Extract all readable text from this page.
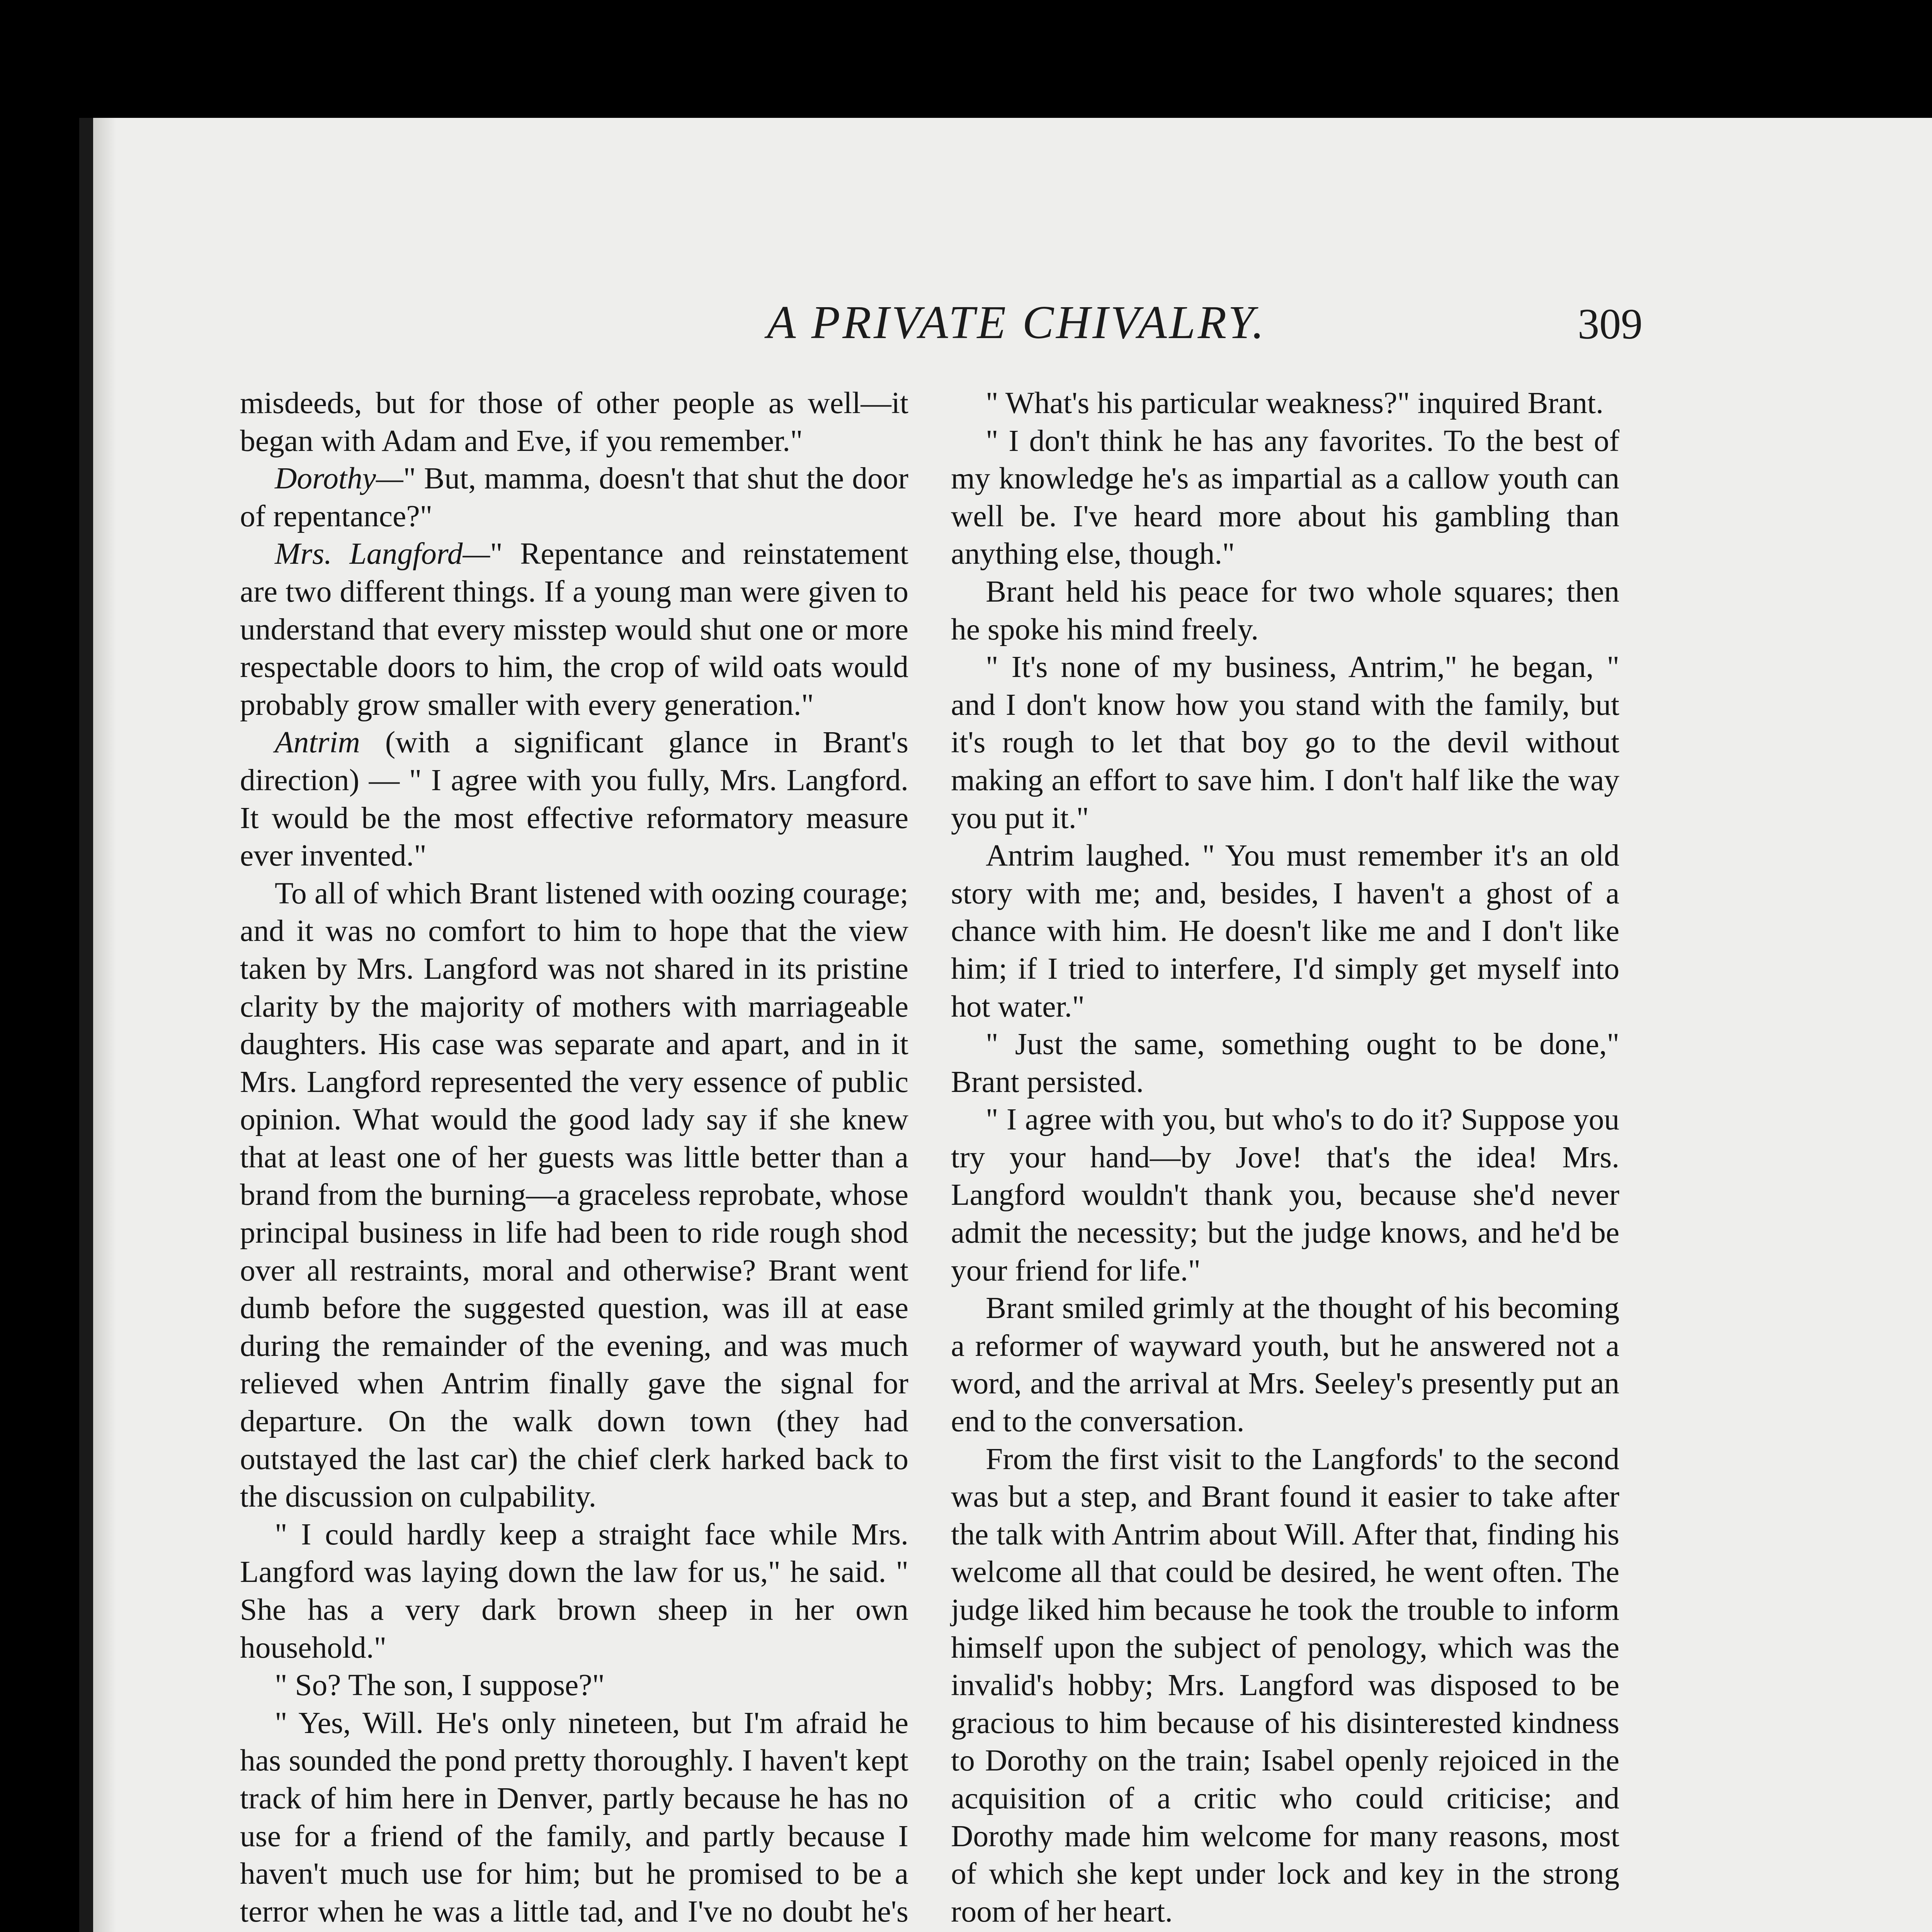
A PRIVATE CHIVALRY.	309

misdeeds, but for those of other people as well—it began with Adam and Eve, if you remember."

Dorothy—" But, mamma, doesn't that shut the door of repentance?"

Mrs. Langford—" Repentance and reinstatement are two different things. If a young man were given to understand that every misstep would shut one or more respectable doors to him, the crop of wild oats would probably grow smaller with every generation."

Antrim (with a significant glance in Brant's direction) — " I agree with you fully, Mrs. Langford. It would be the most effective reformatory measure ever invented."

To all of which Brant listened with oozing courage; and it was no comfort to him to hope that the view taken by Mrs. Langford was not shared in its pristine clarity by the majority of mothers with marriageable daughters. His case was separate and apart, and in it Mrs. Langford represented the very essence of public opinion. What would the good lady say if she knew that at least one of her guests was little better than a brand from the burning—a graceless reprobate, whose principal business in life had been to ride rough shod over all restraints, moral and otherwise? Brant went dumb before the suggested question, was ill at ease during the remainder of the evening, and was much relieved when Antrim finally gave the signal for departure. On the walk down town (they had outstayed the last car) the chief clerk harked back to the discussion on culpability.

" I could hardly keep a straight face while Mrs. Langford was laying down the law for us," he said. " She has a very dark brown sheep in her own household."

" So? The son, I suppose?"

" Yes, Will. He's only nineteen, but I'm afraid he has sounded the pond pretty thoroughly. I haven't kept track of him here in Denver, partly because he has no use for a friend of the family, and partly because I haven't much use for him; but he promised to be a terror when he was a little tad, and I've no doubt he's

" What's his particular weakness?" inquired Brant.

" I don't think he has any favorites. To the best of my knowledge he's as impartial as a callow youth can well be. I've heard more about his gambling than anything else, though."

Brant held his peace for two whole squares; then he spoke his mind freely.

" It's none of my business, Antrim," he began, " and I don't know how you stand with the family, but it's rough to let that boy go to the devil without making an effort to save him. I don't half like the way you put it."

Antrim laughed. " You must remember it's an old story with me; and, besides, I haven't a ghost of a chance with him. He doesn't like me and I don't like him; if I tried to interfere, I'd simply get myself into hot water."

" Just the same, something ought to be done," Brant persisted.

" I agree with you, but who's to do it? Suppose you try your hand—by Jove! that's the idea! Mrs. Langford wouldn't thank you, because she'd never admit the necessity; but the judge knows, and he'd be your friend for life."

Brant smiled grimly at the thought of his becoming a reformer of wayward youth, but he answered not a word, and the arrival at Mrs. Seeley's presently put an end to the conversation.

From the first visit to the Langfords' to the second was but a step, and Brant found it easier to take after the talk with Antrim about Will. After that, finding his welcome all that could be desired, he went often. The judge liked him because he took the trouble to inform himself upon the subject of penology, which was the invalid's hobby; Mrs. Langford was disposed to be gracious to him because of his disinterested kindness to Dorothy on the train; Isabel openly rejoiced in the acquisition of a critic who could criticise; and Dorothy made him welcome for many reasons, most of which she kept under lock and key in the strong room of her heart.
